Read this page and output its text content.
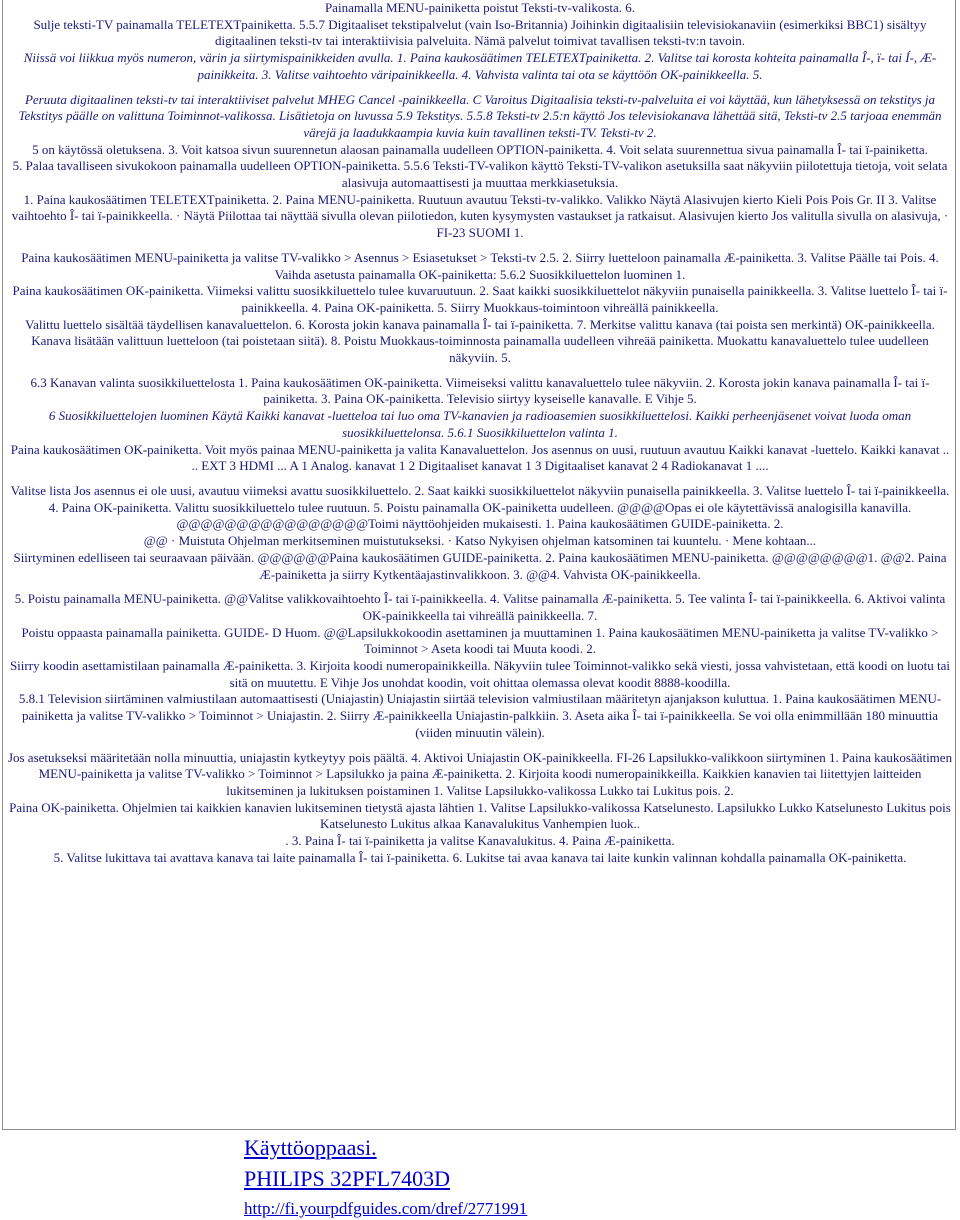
Painamalla MENU-painiketta poistut Teksti-tv-valikosta. 6.

Sulje teksti-TV painamalla TELETEXTpainiketta. 5.5.7 Digitaaliset tekstipalvelut (vain Iso-Britannia) Joihinkin digitaalisiin televisiokanaviin (esimerkiksi BBC1) sisältyy digitaalinen teksti-tv tai interaktiivisia palveluita. Nämä palvelut toimivat tavallisen teksti-tv:n tavoin.

Niissä voi liikkua myös numeron, värin ja siirtymispainikkeiden avulla. 1. Paina kaukosäätimen TELETEXTpainiketta. 2. Valitse tai korosta kohteita painamalla Î-, ï- tai Í-, Æ-painikkeita. 3. Valitse vaihtoehto väripainikkeella. 4. Vahvista valinta tai ota se käyttöön OK-painikkeella. 5.

Peruuta digitaalinen teksti-tv tai interaktiiviset palvelut MHEG Cancel -painikkeella. C Varoitus Digitaalisia teksti-tv-palveluita ei voi käyttää, kun lähetyksessä on tekstitys ja Tekstitys päälle on valittuna Toiminnot-valikossa. Lisätietoja on luvussa 5.9 Tekstitys. 5.5.8 Teksti-tv 2.5:n käyttö Jos televisiokanava lähettää sitä, Teksti-tv 2.5 tarjoaa enemmän värejä ja laadukkaampia kuvia kuin tavallinen teksti-TV. Teksti-tv 2.

5 on käytössä oletuksena. 3. Voit katsoa sivun suurennetun alaosan painamalla uudelleen OPTION-painiketta. 4. Voit selata suurennettua sivua painamalla Î- tai ï-painiketta.

5. Palaa tavalliseen sivukokoon painamalla uudelleen OPTION-painiketta. 5.5.6 Teksti-TV-valikon käyttö Teksti-TV-valikon asetuksilla saat näkyviin piilotettuja tietoja, voit selata alasivuja automaattisesti ja muuttaa merkkiasetuksia.

1. Paina kaukosäätimen TELETEXTpainiketta. 2. Paina MENU-painiketta. Ruutuun avautuu Teksti-tv-valikko. Valikko Näytä Alasivujen kierto Kieli Pois Pois Gr. II 3. Valitse vaihtoehto Î- tai ï-painikkeella. · Näytä Piilottaa tai näyttää sivulla olevan piilotiedon, kuten kysymysten vastaukset ja ratkaisut. Alasivujen kierto Jos valitulla sivulla on alasivuja, · FI-23 SUOMI 1.

Paina kaukosäätimen MENU-painiketta ja valitse TV-valikko > Asennus > Esiasetukset > Teksti-tv 2.5. 2. Siirry luetteloon painamalla Æ-painiketta. 3. Valitse Päälle tai Pois. 4. Vaihda asetusta painamalla OK-painiketta: 5.6.2 Suosikkiluettelon luominen 1.

Paina kaukosäätimen OK-painiketta. Viimeksi valittu suosikkiluettelo tulee kuvaruutuun. 2. Saat kaikki suosikkiluettelot näkyviin punaisella painikkeella. 3. Valitse luettelo Î- tai ï-painikkeella. 4. Paina OK-painiketta. 5. Siirry Muokkaus-toimintoon vihreällä painikkeella.

Valittu luettelo sisältää täydellisen kanavaluettelon. 6. Korosta jokin kanava painamalla Î- tai ï-painiketta. 7. Merkitse valittu kanava (tai poista sen merkintä) OK-painikkeella. Kanava lisätään valittuun luetteloon (tai poistetaan siitä). 8. Poistu Muokkaus-toiminnosta painamalla uudelleen vihreää painiketta. Muokattu kanavaluettelo tulee uudelleen näkyviin. 5.

6.3 Kanavan valinta suosikkiluettelosta 1. Paina kaukosäätimen OK-painiketta. Viimeiseksi valittu kanavaluettelo tulee näkyviin. 2. Korosta jokin kanava painamalla Î- tai ï-painiketta. 3. Paina OK-painiketta. Televisio siirtyy kyseiselle kanavalle. E Vihje 5.

6 Suosikkiluettelojen luominen Käytä Kaikki kanavat -luetteloa tai luo oma TV-kanavien ja radioasemien suosikkiluettelosi. Kaikki perheenjäsenet voivat luoda oman suosikkiluettelonsa. 5.6.1 Suosikkiluettelon valinta 1.

Paina kaukosäätimen OK-painiketta. Voit myös painaa MENU-painiketta ja valita Kanavaluettelon. Jos asennus on uusi, ruutuun avautuu Kaikki kanavat -luettelo. Kaikki kanavat ..

.. EXT 3 HDMI ... A 1 Analog. kanavat 1 2 Digitaaliset kanavat 1 3 Digitaaliset kanavat 2 4 Radiokanavat 1 ....

Valitse lista Jos asennus ei ole uusi, avautuu viimeksi avattu suosikkiluettelo. 2. Saat kaikki suosikkiluettelot näkyviin punaisella painikkeella. 3. Valitse luettelo Î- tai ï-painikkeella. 4. Paina OK-painiketta. Valittu suosikkiluettelo tulee ruutuun. 5. Poistu painamalla OK-painiketta uudelleen. @@@@Opas ei ole käytettävissä analogisilla kanavilla. @@@@@@@@@@@@@@@@Toimi näyttöohjeiden mukaisesti. 1. Paina kaukosäätimen GUIDE-painiketta. 2.

@@ · Muistuta Ohjelman merkitseminen muistutukseksi. · Katso Nykyisen ohjelman katsominen tai kuuntelu. · Mene kohtaan...

Siirtyminen edelliseen tai seuraavaan päivään. @@@@@@Paina kaukosäätimen GUIDE-painiketta. 2. Paina kaukosäätimen MENU-painiketta. @@@@@@@@1. @@2. Paina Æ-painiketta ja siirry Kytkentäajastinvalikkoon. 3. @@4. Vahvista OK-painikkeella.

5. Poistu painamalla MENU-painiketta. @@Valitse valikkovaihtoehto Î- tai ï-painikkeella. 4. Valitse painamalla Æ-painiketta. 5. Tee valinta Î- tai ï-painikkeella. 6. Aktivoi valinta OK-painikkeella tai vihreällä painikkeella. 7.

Poistu oppaasta painamalla painiketta. GUIDE- D Huom. @@Lapsilukkokoodin asettaminen ja muuttaminen 1. Paina kaukosäätimen MENU-painiketta ja valitse TV-valikko > Toiminnot > Aseta koodi tai Muuta koodi. 2.

Siirry koodin asettamistilaan painamalla Æ-painiketta. 3. Kirjoita koodi numeropainikkeilla. Näkyviin tulee Toiminnot-valikko sekä viesti, jossa vahvistetaan, että koodi on luotu tai sitä on muutettu. E Vihje Jos unohdat koodin, voit ohittaa olemassa olevat koodit 8888-koodilla.

5.8.1 Television siirtäminen valmiustilaan automaattisesti (Uniajastin) Uniajastin siirtää television valmiustilaan määritetyn ajanjakson kuluttua. 1. Paina kaukosäätimen MENU-painiketta ja valitse TV-valikko > Toiminnot > Uniajastin. 2. Siirry Æ-painikkeella Uniajastin-palkkiin. 3. Aseta aika Î- tai ï-painikkeella. Se voi olla enimmillään 180 minuuttia (viiden minuutin välein).

Jos asetukseksi määritetään nolla minuuttia, uniajastin kytkeytyy pois päältä. 4. Aktivoi Uniajastin OK-painikkeella. FI-26 Lapsilukko-valikkoon siirtyminen 1. Paina kaukosäätimen MENU-painiketta ja valitse TV-valikko > Toiminnot > Lapsilukko ja paina Æ-painiketta. 2. Kirjoita koodi numeropainikkeilla. Kaikkien kanavien tai liitettyjen laitteiden lukitseminen ja lukituksen poistaminen 1. Valitse Lapsilukko-valikossa Lukko tai Lukitus pois. 2.

Paina OK-painiketta. Ohjelmien tai kaikkien kanavien lukitseminen tietystä ajasta lähtien 1. Valitse Lapsilukko-valikossa Katselunesto. Lapsilukko Lukko Katselunesto Lukitus pois Katselunesto Lukitus alkaa Kanavalukitus Vanhempien luok..

. 3. Paina Î- tai ï-painiketta ja valitse Kanavalukitus. 4. Paina Æ-painiketta.

5. Valitse lukittava tai avattava kanava tai laite painamalla Î- tai ï-painiketta. 6. Lukitse tai avaa kanava tai laite kunkin valinnan kohdalla painamalla OK-painiketta.

Käyttöoppaasi.
PHILIPS 32PFL7403D
http://fi.yourpdfguides.com/dref/2771991
